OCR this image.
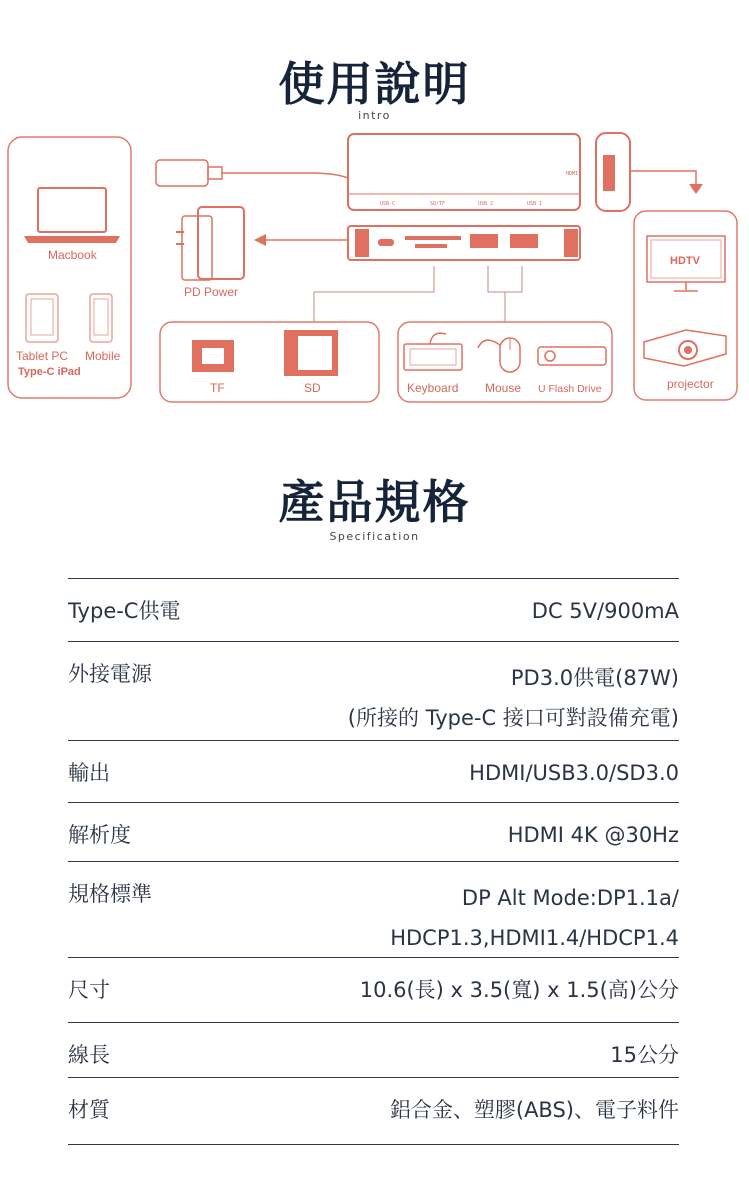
使用說明
intro
Macbook
Tablet PC Mobile
Type-C iPad
USB-C	SD/TF	USB 2	USB 1
HDMI
PD Power
TF	SD	Keyboard Mouse U Flash Drive
HDTV
projector
產品規格
Specification
Type-C供電	DC 5V/900mA
外接電源	PD3.0供電(87W)
(所接的 Type-C 接口可對設備充電)
輸出	HDMI/USB3.0/SD3.0
解析度	HDMI 4K @30Hz
規格標準	DP Alt Mode:DP1.1a/
HDCP1.3,HDMI1.4/HDCP1.4
尺寸	10.6(長) x 3.5(寬) x 1.5(高)公分
線長	15公分
材質	鋁合金、塑膠(ABS)、電子料件
